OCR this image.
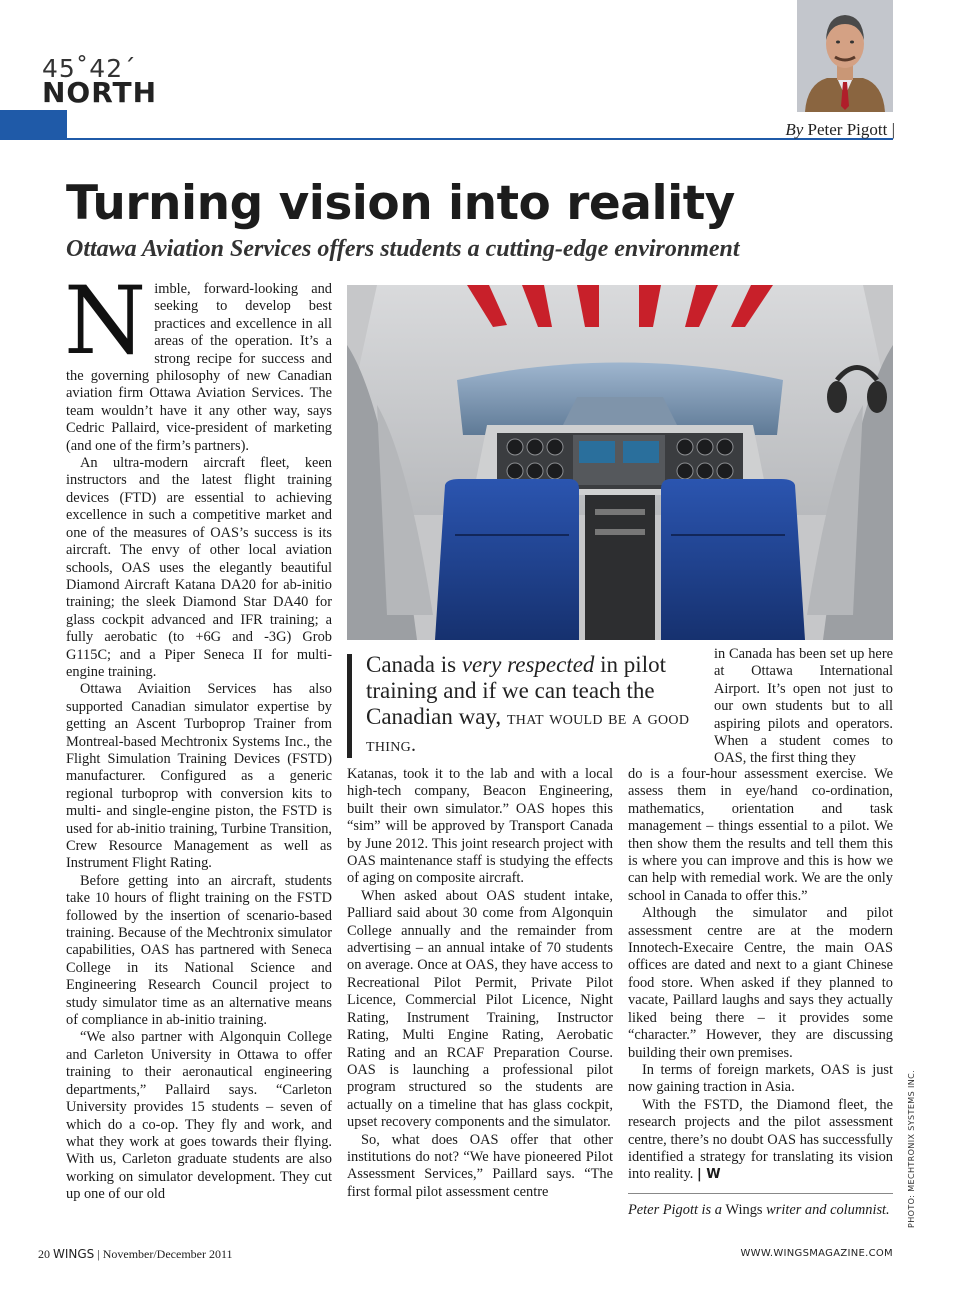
45˚42´
NORTH
By Peter Pigott |
Turning vision into reality
Ottawa Aviation Services offers students a cutting-edge environment
N imble, forward-looking and seeking to develop best practices and excellence in all areas of the operation. It’s a strong recipe for success and the governing philosophy of new Canadian aviation firm Ottawa Aviation Services. The team wouldn’t have it any other way, says Cedric Pallaird, vice-president of marketing (and one of the firm’s partners).

An ultra-modern aircraft fleet, keen instructors and the latest flight training devices (FTD) are essential to achieving excellence in such a competitive market and one of the measures of OAS’s success is its aircraft. The envy of other local aviation schools, OAS uses the elegantly beautiful Diamond Aircraft Katana DA20 for ab-initio training; the sleek Diamond Star DA40 for glass cockpit advanced and IFR training; a fully aerobatic (to +6G and -3G) Grob G115C; and a Piper Seneca II for multi-engine training.

Ottawa Aviaition Services has also supported Canadian simulator expertise by getting an Ascent Turboprop Trainer from Montreal-based Mechtronix Systems Inc., the Flight Simulation Training Devices (FSTD) manufacturer. Configured as a generic regional turboprop with conversion kits to multi- and single-engine piston, the FSTD is used for ab-initio training, Turbine Transition, Crew Resource Management as well as Instrument Flight Rating.

Before getting into an aircraft, students take 10 hours of flight training on the FSTD followed by the insertion of scenario-based training. Because of the Mechtronix simulator capabilities, OAS has partnered with Seneca College in its National Science and Engineering Research Council project to study simulator time as an alternative means of compliance in ab-initio training.

“We also partner with Algonquin College and Carleton University in Ottawa to offer training to their aeronautical engineering departments,” Pallaird says. “Carleton University provides 15 students – seven of which do a co-op. They fly and work, and what they work at goes towards their flying. With us, Carleton graduate students are also working on simulator development. They cut up one of our old

Canada is very respected in pilot training and if we can teach the Canadian way, that would be a good thing.

Katanas, took it to the lab and with a local high-tech company, Beacon Engineering, built their own simulator.” OAS hopes this “sim” will be approved by Transport Canada by June 2012. This joint research project with OAS maintenance staff is studying the effects of aging on composite aircraft.

When asked about OAS student intake, Palliard said about 30 come from Algonquin College annually and the remainder from advertising – an annual intake of 70 students on average. Once at OAS, they have access to Recreational Pilot Permit, Private Pilot Licence, Commercial Pilot Licence, Night Rating, Instrument Training, Instructor Rating, Multi Engine Rating, Aerobatic Rating and an RCAF Preparation Course. OAS is launching a professional pilot program structured so the students are actually on a timeline that has glass cockpit, upset recovery components and the simulator.

So, what does OAS offer that other institutions do not? “We have pioneered Pilot Assessment Services,” Paillard says. “The first formal pilot assessment centre

in Canada has been set up here at Ottawa International Airport. It’s open not just to our own students but to all aspiring pilots and operators. When a student comes to OAS, the first thing they

do is a four-hour assessment exercise. We assess them in eye/hand co-ordination, mathematics, orientation and task management – things essential to a pilot. We then show them the results and tell them this is where you can improve and this is how we can help with remedial work. We are the only school in Canada to offer this.”

Although the simulator and pilot assessment centre are at the modern Innotech-Execaire Centre, the main OAS offices are dated and next to a giant Chinese food store. When asked if they planned to vacate, Paillard laughs and says they actually liked being there – it provides some “character.” However, they are discussing building their own premises.

In terms of foreign markets, OAS is just now gaining traction in Asia.

With the FSTD, the Diamond fleet, the research projects and the pilot assessment centre, there’s no doubt OAS has successfully identified a strategy for translating its vision into reality. | W

Peter Pigott is a Wings writer and columnist.	PHOTO: MECHTRONIX SYSTEMS INC.
20 WINGS | November/December 2011	WWW.WINGSMAGAZINE.COM
